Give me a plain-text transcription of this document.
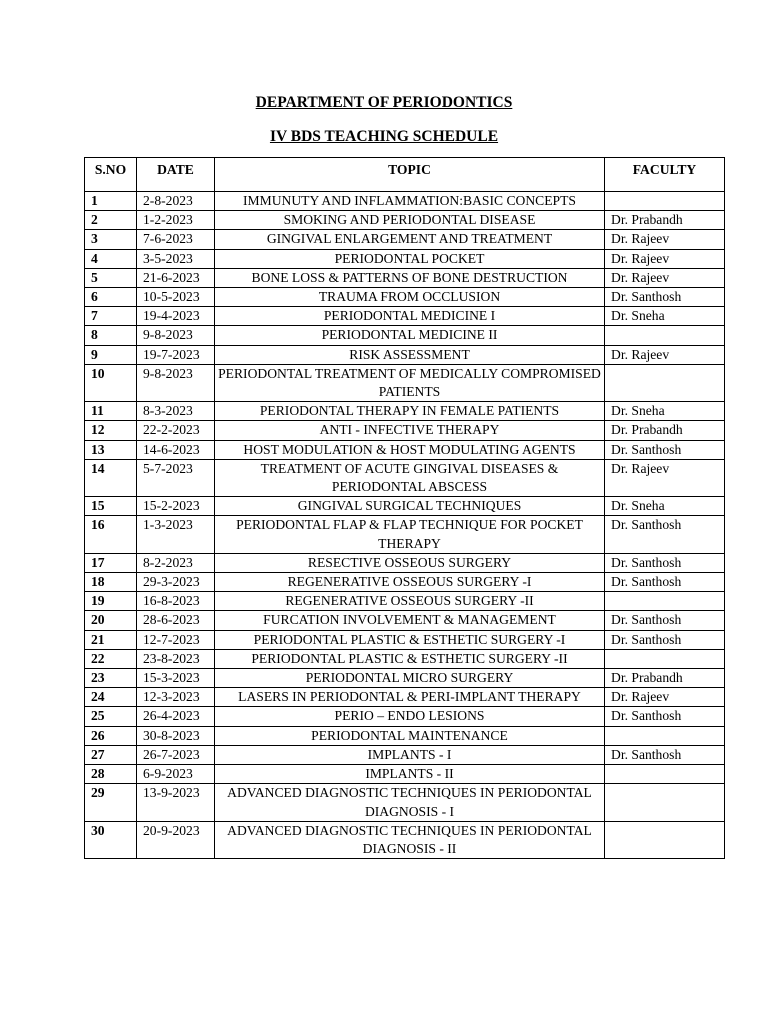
DEPARTMENT OF PERIODONTICS
IV BDS TEACHING SCHEDULE
S.NO	DATE	TOPIC	FACULTY
1	2-8-2023	IMMUNUTY AND INFLAMMATION:BASIC CONCEPTS	
2	1-2-2023	SMOKING AND PERIODONTAL DISEASE	Dr. Prabandh
3	7-6-2023	GINGIVAL ENLARGEMENT AND TREATMENT	Dr. Rajeev
4	3-5-2023	PERIODONTAL POCKET	Dr. Rajeev
5	21-6-2023	BONE LOSS & PATTERNS OF BONE DESTRUCTION	Dr. Rajeev
6	10-5-2023	TRAUMA FROM OCCLUSION	Dr. Santhosh
7	19-4-2023	PERIODONTAL MEDICINE I	Dr. Sneha
8	9-8-2023	PERIODONTAL MEDICINE II	
9	19-7-2023	RISK ASSESSMENT	Dr. Rajeev
10	9-8-2023	PERIODONTAL TREATMENT OF MEDICALLY COMPROMISED PATIENTS	
11	8-3-2023	PERIODONTAL THERAPY IN FEMALE PATIENTS	Dr. Sneha
12	22-2-2023	ANTI - INFECTIVE THERAPY	Dr. Prabandh
13	14-6-2023	HOST MODULATION & HOST MODULATING AGENTS	Dr. Santhosh
14	5-7-2023	TREATMENT OF ACUTE GINGIVAL DISEASES & PERIODONTAL ABSCESS	Dr. Rajeev
15	15-2-2023	GINGIVAL SURGICAL TECHNIQUES	Dr. Sneha
16	1-3-2023	PERIODONTAL FLAP & FLAP TECHNIQUE FOR POCKET THERAPY	Dr. Santhosh
17	8-2-2023	RESECTIVE OSSEOUS SURGERY	Dr. Santhosh
18	29-3-2023	REGENERATIVE OSSEOUS SURGERY -I	Dr. Santhosh
19	16-8-2023	REGENERATIVE OSSEOUS SURGERY -II	
20	28-6-2023	FURCATION INVOLVEMENT & MANAGEMENT	Dr. Santhosh
21	12-7-2023	PERIODONTAL PLASTIC & ESTHETIC SURGERY -I	Dr. Santhosh
22	23-8-2023	PERIODONTAL PLASTIC & ESTHETIC SURGERY -II	
23	15-3-2023	PERIODONTAL MICRO SURGERY	Dr. Prabandh
24	12-3-2023	LASERS IN PERIODONTAL & PERI-IMPLANT THERAPY	Dr. Rajeev
25	26-4-2023	PERIO – ENDO LESIONS	Dr. Santhosh
26	30-8-2023	PERIODONTAL MAINTENANCE	
27	26-7-2023	IMPLANTS - I	Dr. Santhosh
28	6-9-2023	IMPLANTS - II	
29	13-9-2023	ADVANCED DIAGNOSTIC TECHNIQUES IN PERIODONTAL DIAGNOSIS - I	
30	20-9-2023	ADVANCED DIAGNOSTIC TECHNIQUES IN PERIODONTAL DIAGNOSIS - II	
